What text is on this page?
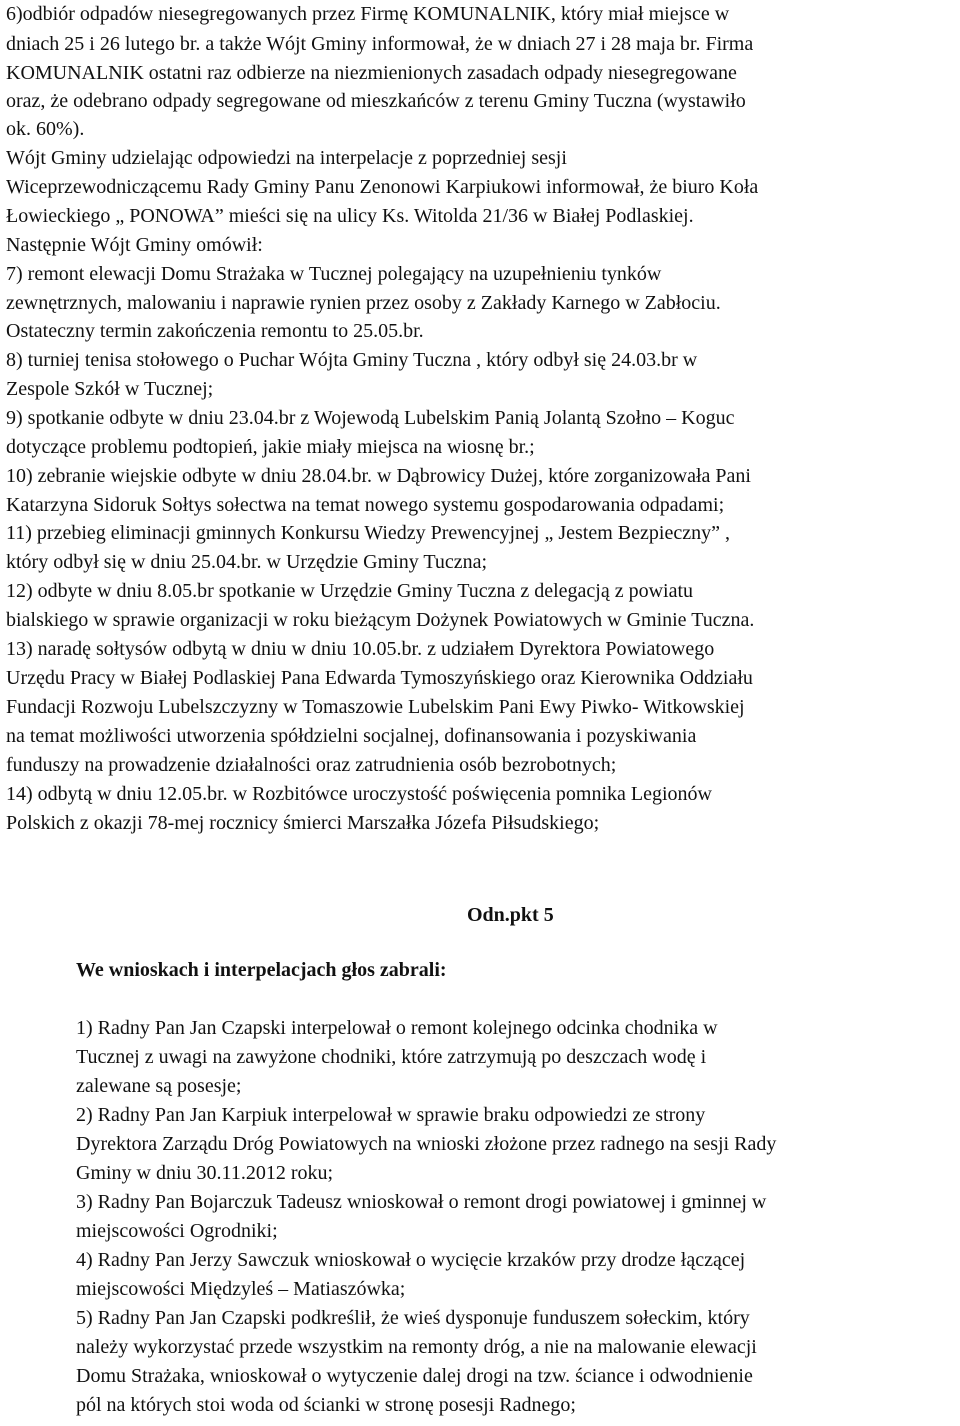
6)odbiór odpadów niesegregowanych przez Firmę KOMUNALNIK, który miał miejsce w
dniach 25 i 26 lutego br. a także Wójt Gminy informował, że w dniach 27 i 28 maja br. Firma
KOMUNALNIK ostatni raz odbierze na niezmienionych zasadach odpady niesegregowane
oraz, że odebrano odpady segregowane od mieszkańców z terenu Gminy Tuczna (wystawiło
ok. 60%).
Wójt Gminy udzielając odpowiedzi na interpelacje z poprzedniej sesji
Wiceprzewodniczącemu Rady Gminy Panu Zenonowi Karpiukowi informował, że biuro Koła
Łowieckiego „ PONOWA” mieści się na ulicy Ks. Witolda 21/36 w Białej Podlaskiej.
Następnie Wójt Gminy omówił:
7) remont elewacji Domu Strażaka w Tucznej polegający na uzupełnieniu tynków
zewnętrznych, malowaniu i naprawie rynien przez osoby z Zakłady Karnego w Zabłociu.
Ostateczny termin zakończenia remontu to 25.05.br.
8) turniej tenisa stołowego o Puchar Wójta Gminy Tuczna , który odbył się 24.03.br w
Zespole Szkół w Tucznej;
9) spotkanie odbyte w dniu 23.04.br z Wojewodą Lubelskim Panią Jolantą Szołno – Koguc
dotyczące problemu podtopień, jakie miały miejsca na wiosnę br.;
10) zebranie wiejskie odbyte w dniu 28.04.br. w Dąbrowicy Dużej, które zorganizowała Pani
Katarzyna Sidoruk Sołtys sołectwa na temat nowego systemu gospodarowania odpadami;
11) przebieg eliminacji gminnych Konkursu Wiedzy Prewencyjnej „ Jestem Bezpieczny” ,
który odbył się w dniu 25.04.br. w Urzędzie Gminy Tuczna;
12) odbyte w dniu 8.05.br spotkanie w Urzędzie Gminy Tuczna z delegacją z powiatu
bialskiego w sprawie organizacji w roku bieżącym Dożynek Powiatowych w Gminie Tuczna.
13) naradę sołtysów odbytą w dniu w dniu 10.05.br. z udziałem Dyrektora Powiatowego
Urzędu Pracy w Białej Podlaskiej Pana Edwarda Tymoszyńskiego oraz Kierownika Oddziału
Fundacji Rozwoju Lubelszczyzny w Tomaszowie Lubelskim Pani Ewy Piwko- Witkowskiej
na temat możliwości utworzenia spółdzielni socjalnej, dofinansowania i pozyskiwania
funduszy na prowadzenie działalności oraz zatrudnienia osób bezrobotnych;
14) odbytą w dniu 12.05.br. w Rozbitówce uroczystość poświęcenia pomnika Legionów
Polskich z okazji 78-mej rocznicy śmierci Marszałka Józefa Piłsudskiego;
Odn.pkt 5
We wnioskach i interpelacjach głos zabrali:
1) Radny Pan Jan Czapski interpelował o remont kolejnego odcinka chodnika w
Tucznej z uwagi na zawyżone chodniki, które zatrzymują po deszczach wodę i
zalewane są posesje;
2) Radny Pan Jan Karpiuk interpelował w sprawie braku odpowiedzi ze strony
Dyrektora Zarządu Dróg Powiatowych na wnioski złożone przez radnego na sesji Rady
Gminy w dniu 30.11.2012 roku;
3) Radny Pan Bojarczuk Tadeusz wnioskował o remont drogi powiatowej i gminnej w
miejscowości Ogrodniki;
4) Radny Pan Jerzy Sawczuk wnioskował o wycięcie krzaków przy drodze łączącej
miejscowości Międzyleś – Matiaszówka;
5) Radny Pan Jan Czapski podkreślił, że wieś dysponuje funduszem sołeckim, który
należy wykorzystać przede wszystkim na remonty dróg, a nie na malowanie elewacji
Domu Strażaka, wnioskował o wytyczenie dalej drogi na tzw. ściance i odwodnienie
pól na których stoi woda od ścianki w stronę posesji Radnego;
